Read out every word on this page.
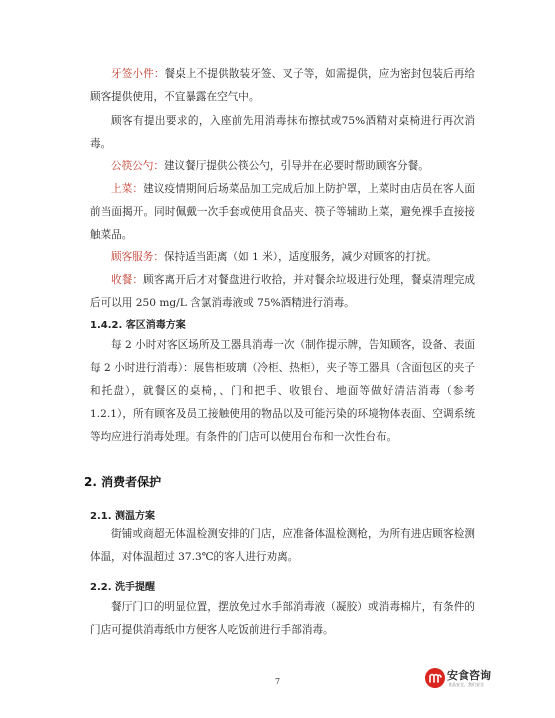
牙签小件：餐桌上不提供散装牙签、叉子等，如需提供，应为密封包装后再给顾客提供使用，不宜暴露在空气中。

顾客有提出要求的，入座前先用消毒抹布擦拭或75%酒精对桌椅进行再次消毒。

公筷公勺：建议餐厅提供公筷公勺，引导并在必要时帮助顾客分餐。

上菜：建议疫情期间后场菜品加工完成后加上防护罩，上菜时由店员在客人面前当面揭开。同时佩戴一次手套或使用食品夹、筷子等辅助上菜，避免裸手直接接触菜品。

顾客服务：保持适当距离（如 1 米），适度服务，减少对顾客的打扰。

收餐：顾客离开后才对餐盘进行收拾，并对餐余垃圾进行处理，餐桌清理完成后可以用 250 mg/L 含氯消毒液或 75%酒精进行消毒。

1.4.2. 客区消毒方案

每 2 小时对客区场所及工器具消毒一次（制作提示牌，告知顾客，设备、表面每 2 小时进行消毒）：展售柜玻璃（冷柜、热柜），夹子等工器具（含面包区的夹子和托盘），就餐区的桌椅，、门和把手、收银台、地面等做好清洁消毒（参考 1.2.1），所有顾客及员工接触使用的物品以及可能污染的环境物体表面、空调系统等均应进行消毒处理。有条件的门店可以使用台布和一次性台布。

2. 消费者保护
2.1. 测温方案

街铺或商超无体温检测安排的门店，应准备体温检测枪，为所有进店顾客检测体温，对体温超过 37.3℃的客人进行劝离。

2.2. 洗手提醒

餐厅门口的明显位置，摆放免过水手部消毒液（凝胶）或消毒棉片，有条件的门店可提供消毒纸巾方便客人吃饭前进行手部消毒。

7	安食咨询
食品安全，我们安全
